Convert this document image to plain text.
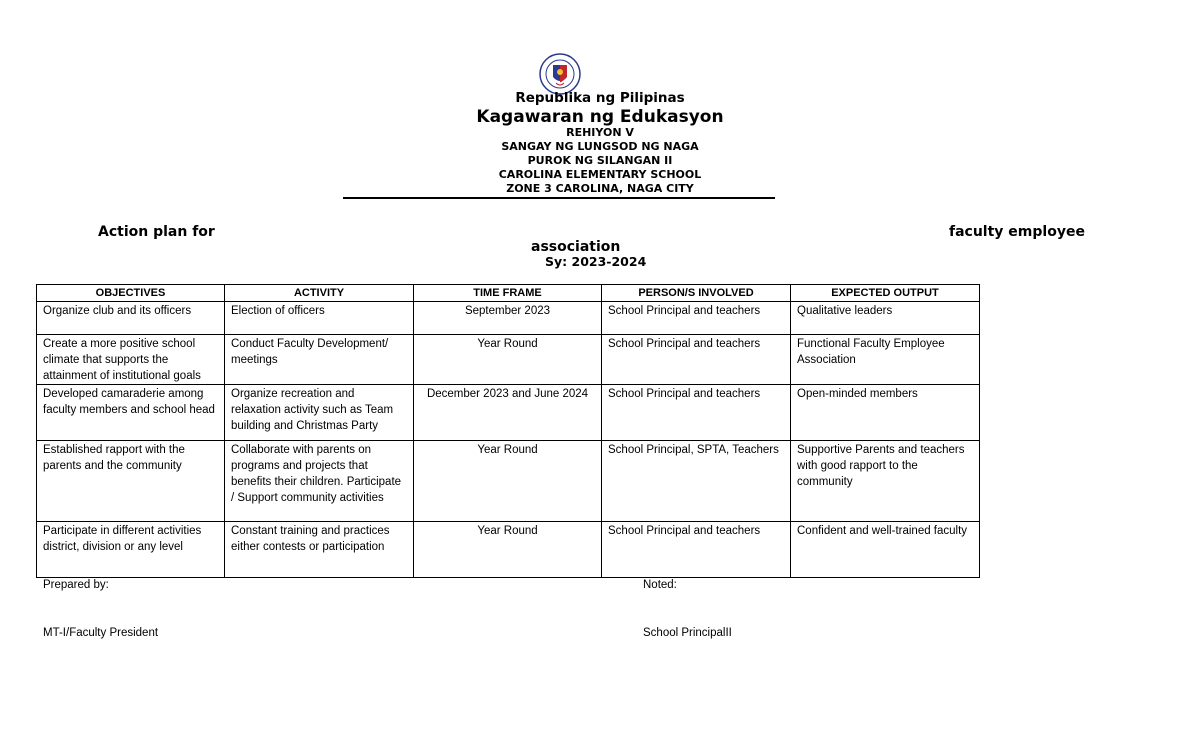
Republika ng Pilipinas
Kagawaran ng Edukasyon
REHIYON V
SANGAY NG LUNGSOD NG NAGA
PUROK NG SILANGAN II
CAROLINA ELEMENTARY SCHOOL
ZONE 3 CAROLINA, NAGA CITY
Action plan for	faculty employee
association
Sy: 2023-2024
OBJECTIVES	ACTIVITY	TIME FRAME	PERSON/S INVOLVED	EXPECTED OUTPUT
Organize club and its officers	Election of officers	September 2023	School Principal and teachers	Qualitative leaders
Create a more positive school climate that supports the attainment of institutional goals	Conduct Faculty Development/ meetings	Year Round	School Principal and teachers	Functional Faculty Employee Association
Developed camaraderie among faculty members and school head	Organize recreation and relaxation activity such as Team building and Christmas Party	December 2023 and June 2024	School Principal and teachers	Open-minded members
Established rapport with the parents and the community	Collaborate with parents on programs and projects that benefits their children. Participate / Support community activities	Year Round	School Principal, SPTA, Teachers	Supportive Parents and teachers with good rapport to the community
Participate in different activities district, division or any level	Constant training and practices either contests or participation	Year Round	School Principal and teachers	Confident and well-trained faculty
Prepared by:	Noted:
MT-I/Faculty President	School PrincipalII
